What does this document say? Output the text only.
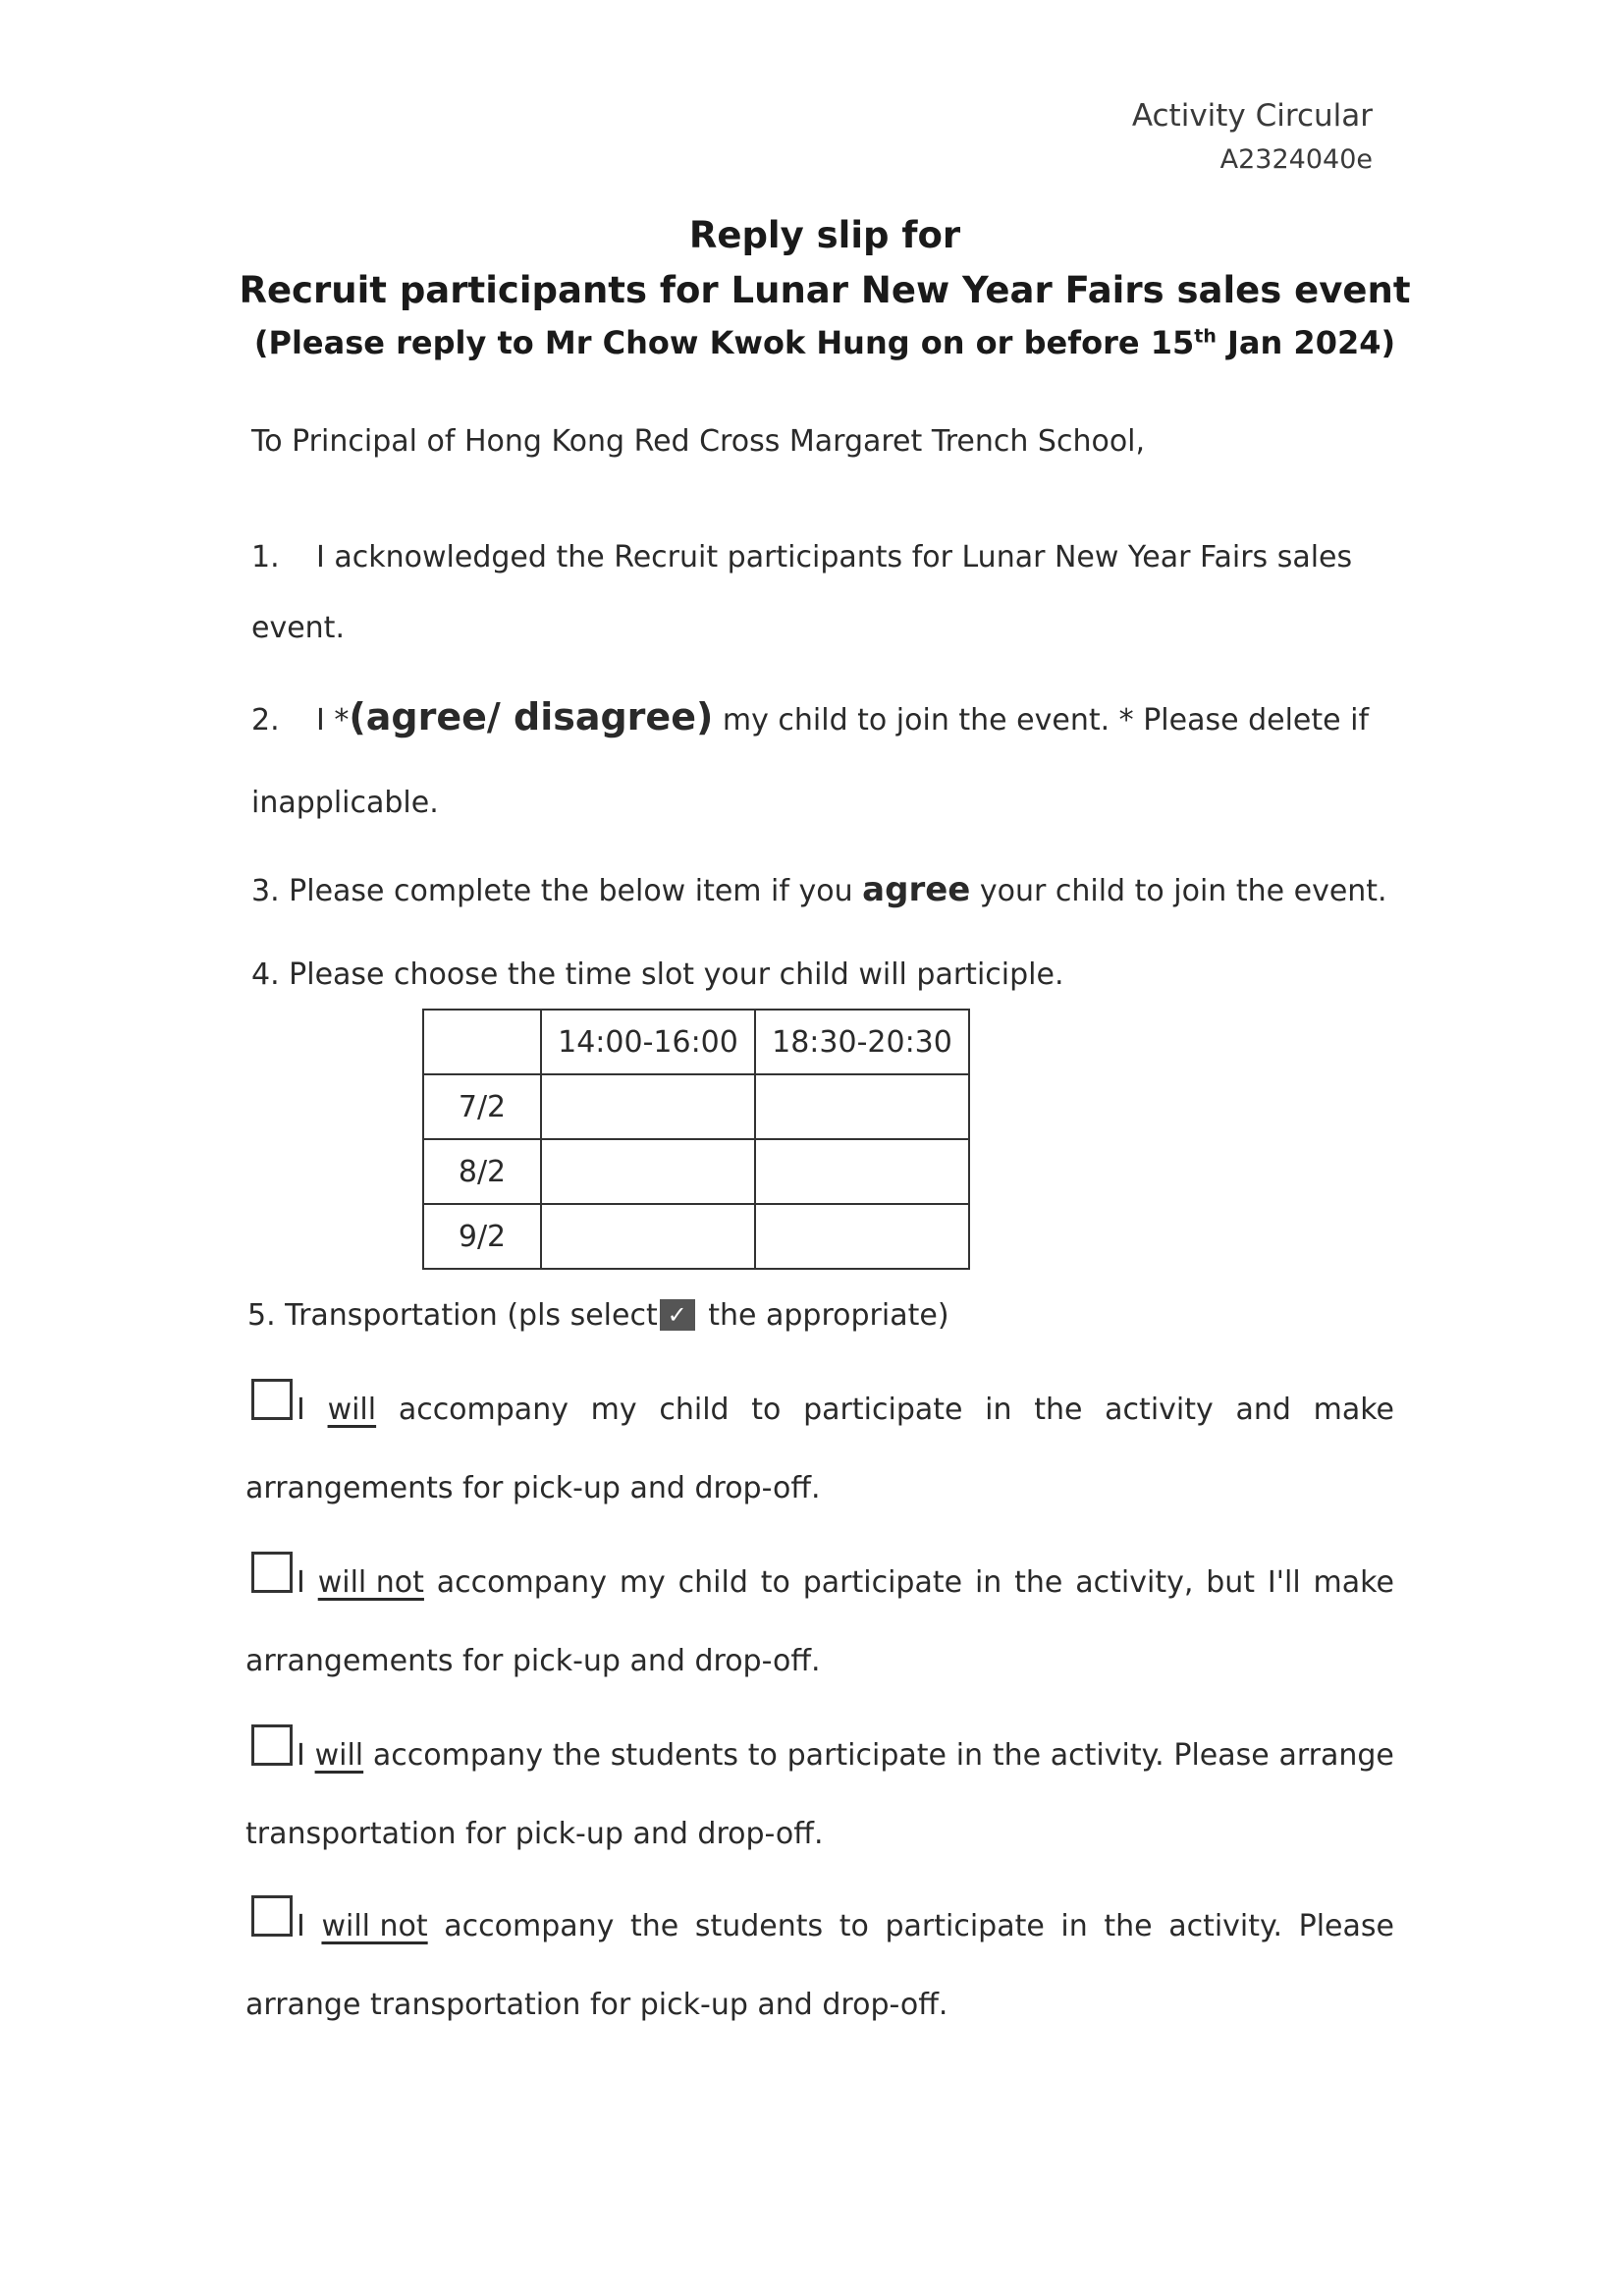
Activity Circular
A2324040e
Reply slip for
Recruit participants for Lunar New Year Fairs sales event
(Please reply to Mr Chow Kwok Hung on or before 15th Jan 2024)
To Principal of Hong Kong Red Cross Margaret Trench School,
1. I acknowledged the Recruit participants for Lunar New Year Fairs sales
event.
2. I *(agree/ disagree) my child to join the event. * Please delete if
inapplicable.
3. Please complete the below item if you agree your child to join the event.
4. Please choose the time slot your child will participle.
	14:00-16:00	18:30-20:30
7/2		
8/2		
9/2		
5. Transportation (pls select ✓ the appropriate)
I will accompany my child to participate in the activity and make
arrangements for pick-up and drop-off.
I will not accompany my child to participate in the activity, but I'll make
arrangements for pick-up and drop-off.
I will accompany the students to participate in the activity. Please arrange
transportation for pick-up and drop-off.
I will not accompany the students to participate in the activity. Please
arrange transportation for pick-up and drop-off.
